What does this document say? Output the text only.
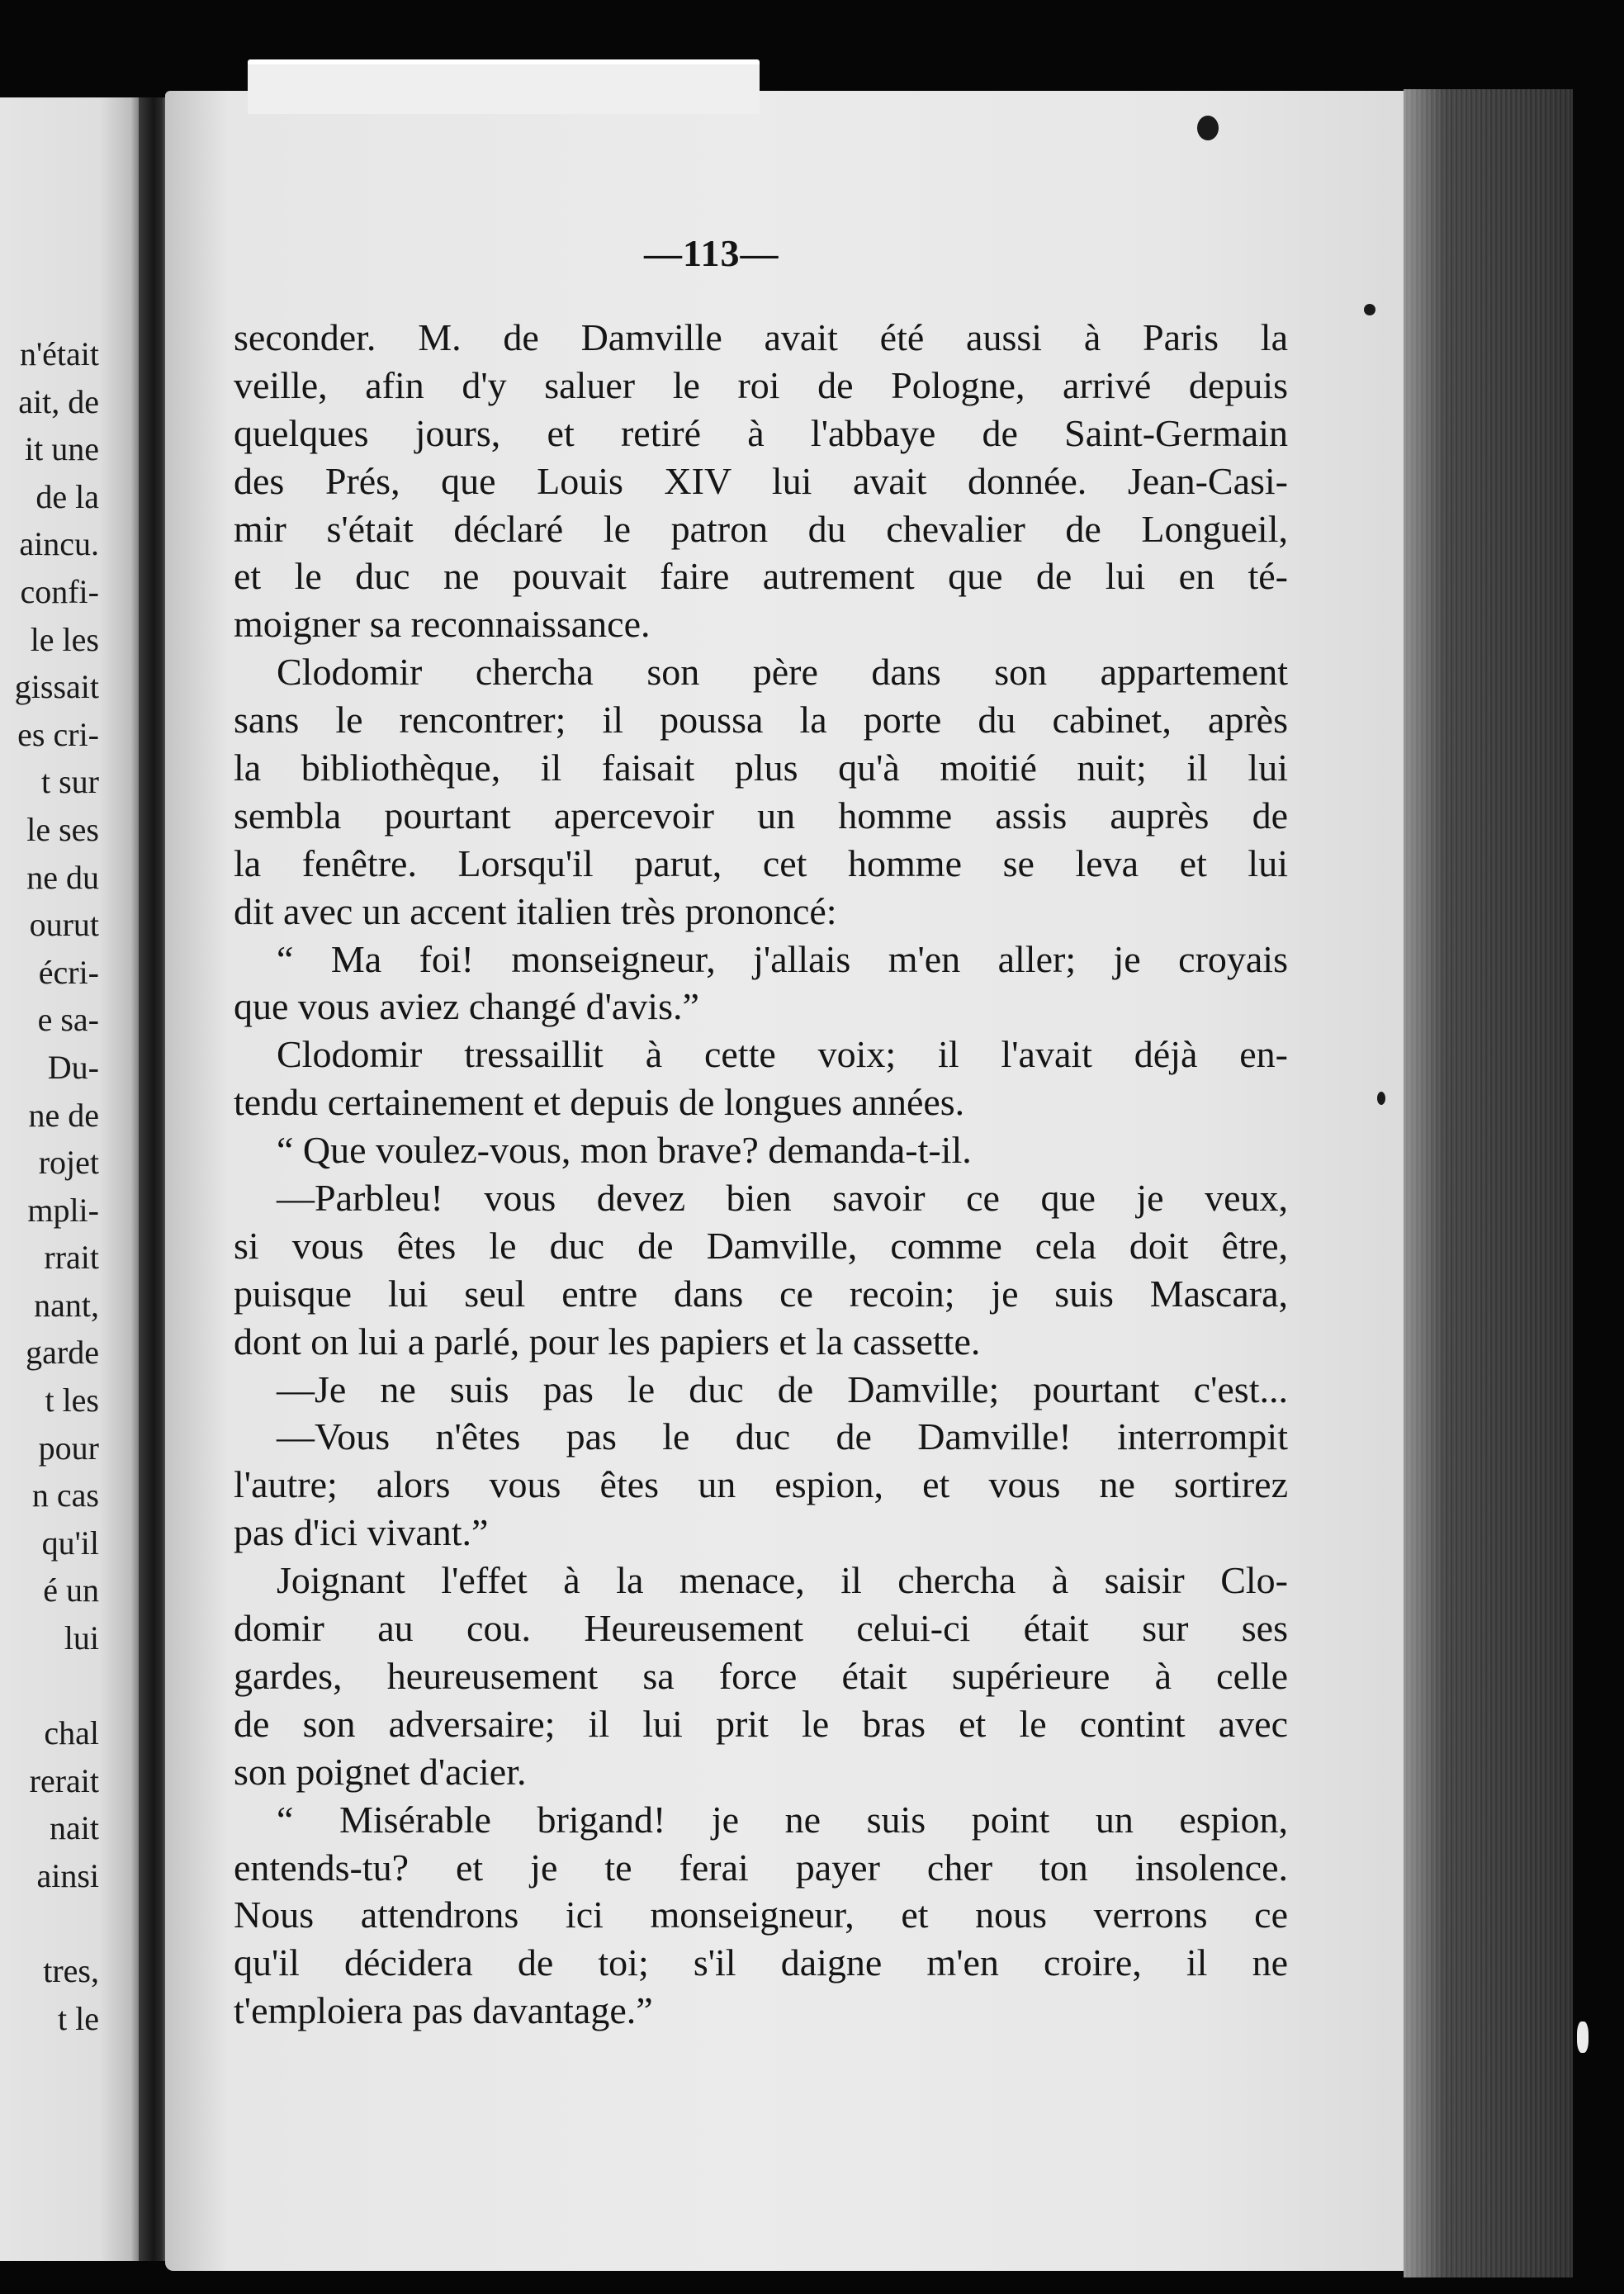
n'était
ait, de
it une
de la
aincu.
confi-
le les
gissait
es cri-
t sur
le ses
ne du
ourut
écri-
e sa-
Du-
ne de
rojet
mpli-
rrait
nant,
garde
t les
pour
n cas
qu'il
é un
lui
chal
rerait
nait
ainsi
tres,
t le
—113—
seconder. M. de Damville avait été aussi à Paris la
veille, afin d'y saluer le roi de Pologne, arrivé depuis
quelques jours, et retiré à l'abbaye de Saint-Germain
des Prés, que Louis XIV lui avait donnée. Jean-Casi-
mir s'était déclaré le patron du chevalier de Longueil,
et le duc ne pouvait faire autrement que de lui en té-
moigner sa reconnaissance.
Clodomir chercha son père dans son appartement
sans le rencontrer; il poussa la porte du cabinet, après
la bibliothèque, il faisait plus qu'à moitié nuit; il lui
sembla pourtant apercevoir un homme assis auprès de
la fenêtre. Lorsqu'il parut, cet homme se leva et lui
dit avec un accent italien très prononcé:
“ Ma foi! monseigneur, j'allais m'en aller; je croyais
que vous aviez changé d'avis.”
Clodomir tressaillit à cette voix; il l'avait déjà en-
tendu certainement et depuis de longues années.
“ Que voulez-vous, mon brave? demanda-t-il.
—Parbleu! vous devez bien savoir ce que je veux,
si vous êtes le duc de Damville, comme cela doit être,
puisque lui seul entre dans ce recoin; je suis Mascara,
dont on lui a parlé, pour les papiers et la cassette.
—Je ne suis pas le duc de Damville; pourtant c'est...
—Vous n'êtes pas le duc de Damville! interrompit
l'autre; alors vous êtes un espion, et vous ne sortirez
pas d'ici vivant.”
Joignant l'effet à la menace, il chercha à saisir Clo-
domir au cou. Heureusement celui-ci était sur ses
gardes, heureusement sa force était supérieure à celle
de son adversaire; il lui prit le bras et le contint avec
son poignet d'acier.
“ Misérable brigand! je ne suis point un espion,
entends-tu? et je te ferai payer cher ton insolence.
Nous attendrons ici monseigneur, et nous verrons ce
qu'il décidera de toi; s'il daigne m'en croire, il ne
t'emploiera pas davantage.”
